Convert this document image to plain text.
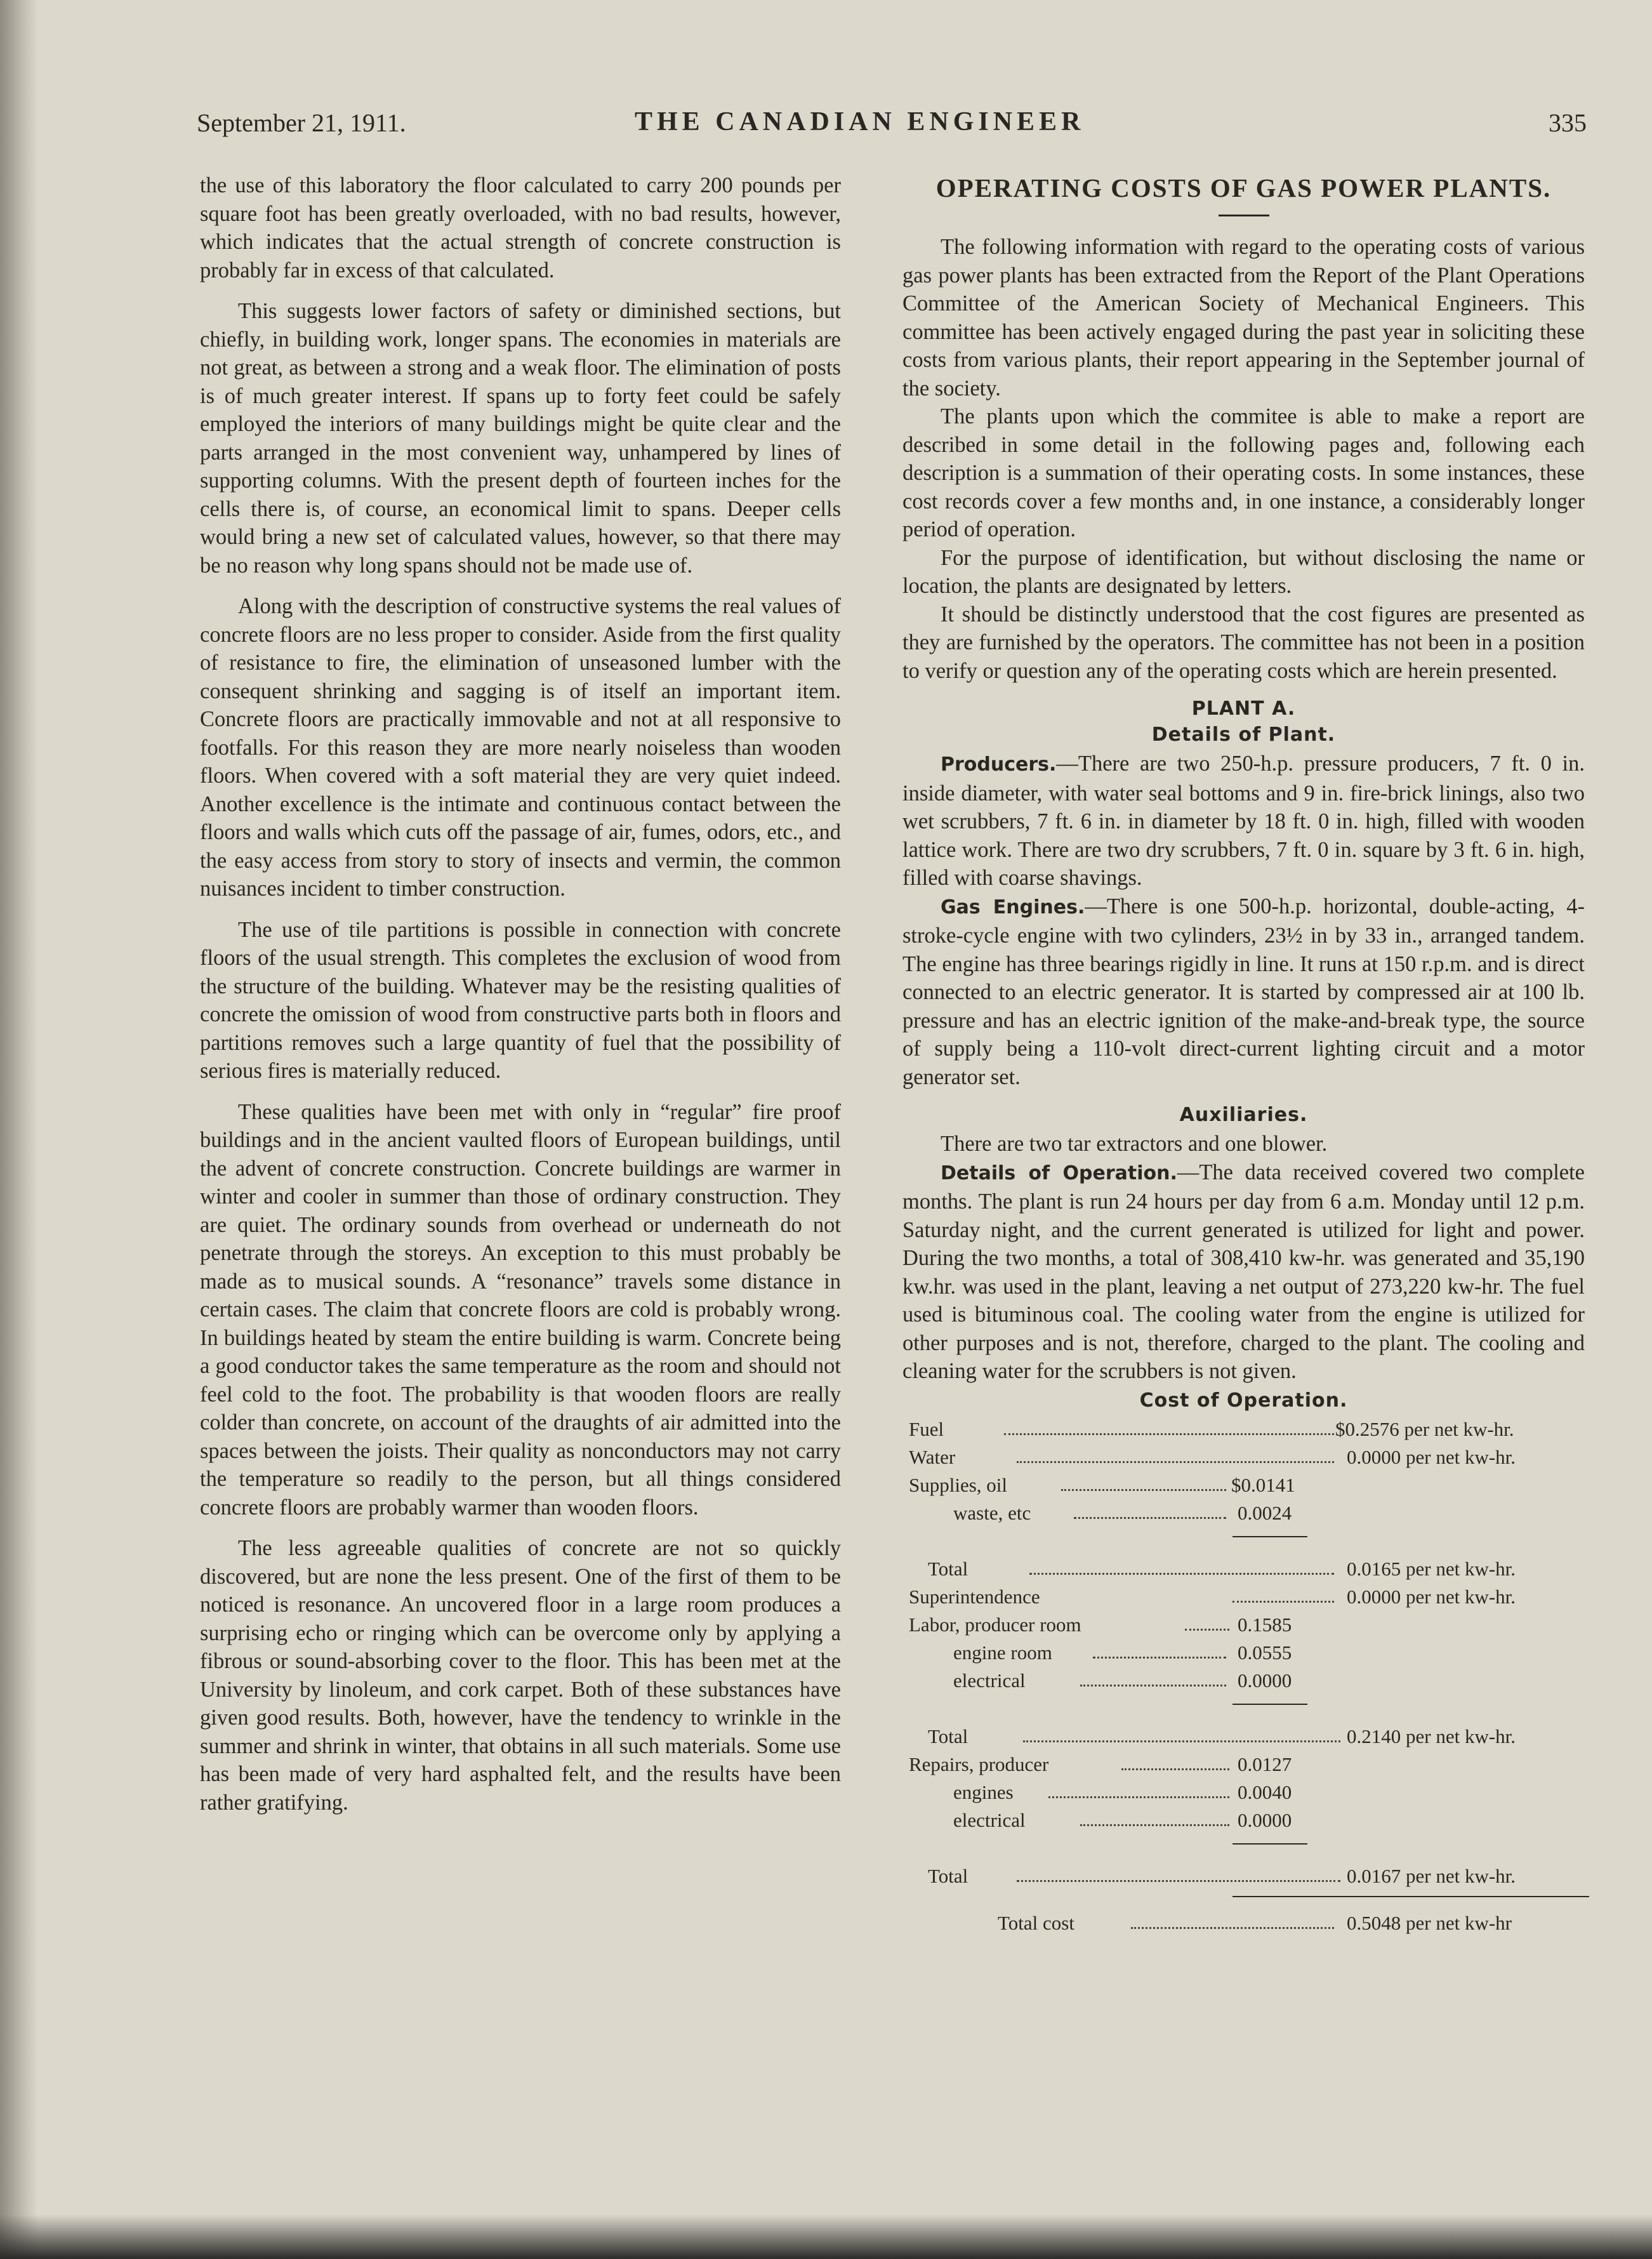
September 21, 1911.	THE CANADIAN ENGINEER	335

the use of this laboratory the floor calculated to carry 200 pounds per square foot has been greatly overloaded, with no bad results, however, which indicates that the actual strength of concrete construction is probably far in excess of that calculated.

This suggests lower factors of safety or diminished sections, but chiefly, in building work, longer spans. The economies in materials are not great, as between a strong and a weak floor. The elimination of posts is of much greater interest. If spans up to forty feet could be safely employed the interiors of many buildings might be quite clear and the parts arranged in the most convenient way, unhampered by lines of supporting columns. With the present depth of fourteen inches for the cells there is, of course, an economical limit to spans. Deeper cells would bring a new set of calculated values, however, so that there may be no reason why long spans should not be made use of.

Along with the description of constructive systems the real values of concrete floors are no less proper to consider. Aside from the first quality of resistance to fire, the elimination of unseasoned lumber with the consequent shrinking and sagging is of itself an important item. Concrete floors are practically immovable and not at all responsive to footfalls. For this reason they are more nearly noiseless than wooden floors. When covered with a soft material they are very quiet indeed. Another excellence is the intimate and continuous contact between the floors and walls which cuts off the passage of air, fumes, odors, etc., and the easy access from story to story of insects and vermin, the common nuisances incident to timber construction.

The use of tile partitions is possible in connection with concrete floors of the usual strength. This completes the exclusion of wood from the structure of the building. Whatever may be the resisting qualities of concrete the omission of wood from constructive parts both in floors and partitions removes such a large quantity of fuel that the possibility of serious fires is materially reduced.

These qualities have been met with only in “regular” fire proof buildings and in the ancient vaulted floors of European buildings, until the advent of concrete construction. Concrete buildings are warmer in winter and cooler in summer than those of ordinary construction. They are quiet. The ordinary sounds from overhead or underneath do not penetrate through the storeys. An exception to this must probably be made as to musical sounds. A “resonance” travels some distance in certain cases. The claim that concrete floors are cold is probably wrong. In buildings heated by steam the entire building is warm. Concrete being a good conductor takes the same temperature as the room and should not feel cold to the foot. The probability is that wooden floors are really colder than concrete, on account of the draughts of air admitted into the spaces between the joists. Their quality as nonconductors may not carry the temperature so readily to the person, but all things considered concrete floors are probably warmer than wooden floors.

The less agreeable qualities of concrete are not so quickly discovered, but are none the less present. One of the first of them to be noticed is resonance. An uncovered floor in a large room produces a surprising echo or ringing which can be overcome only by applying a fibrous or sound-absorbing cover to the floor. This has been met at the University by linoleum, and cork carpet. Both of these substances have given good results. Both, however, have the tendency to wrinkle in the summer and shrink in winter, that obtains in all such materials. Some use has been made of very hard asphalted felt, and the results have been rather gratifying.

OPERATING COSTS OF GAS POWER PLANTS.

The following information with regard to the operating costs of various gas power plants has been extracted from the Report of the Plant Operations Committee of the American Society of Mechanical Engineers. This committee has been actively engaged during the past year in soliciting these costs from various plants, their report appearing in the September journal of the society.

The plants upon which the commitee is able to make a report are described in some detail in the following pages and, following each description is a summation of their operating costs. In some instances, these cost records cover a few months and, in one instance, a considerably longer period of operation.

For the purpose of identification, but without disclosing the name or location, the plants are designated by letters.

It should be distinctly understood that the cost figures are presented as they are furnished by the operators. The committee has not been in a position to verify or question any of the operating costs which are herein presented.

PLANT A.
Details of Plant.

Producers.—There are two 250-h.p. pressure producers, 7 ft. 0 in. inside diameter, with water seal bottoms and 9 in. fire-brick linings, also two wet scrubbers, 7 ft. 6 in. in diameter by 18 ft. 0 in. high, filled with wooden lattice work. There are two dry scrubbers, 7 ft. 0 in. square by 3 ft. 6 in. high, filled with coarse shavings.

Gas Engines.—There is one 500-h.p. horizontal, double-acting, 4-stroke-cycle engine with two cylinders, 23½ in by 33 in., arranged tandem. The engine has three bearings rigidly in line. It runs at 150 r.p.m. and is direct connected to an electric generator. It is started by compressed air at 100 lb. pressure and has an electric ignition of the make-and-break type, the source of supply being a 110-volt direct-current lighting circuit and a motor generator set.

Auxiliaries.

There are two tar extractors and one blower.

Details of Operation.—The data received covered two complete months. The plant is run 24 hours per day from 6 a.m. Monday until 12 p.m. Saturday night, and the current generated is utilized for light and power. During the two months, a total of 308,410 kw-hr. was generated and 35,190 kw.hr. was used in the plant, leaving a net output of 273,220 kw-hr. The fuel used is bituminous coal. The cooling water from the engine is utilized for other purposes and is not, therefore, charged to the plant. The cooling and cleaning water for the scrubbers is not given.

Cost of Operation.
Fuel	$0.2576 per net kw-hr.
Water	0.0000 per net kw-hr.
Supplies, oil	$0.0141
waste, etc	0.0024
Total	0.0165 per net kw-hr.
Superintendence	0.0000 per net kw-hr.
Labor, producer room	0.1585
engine room	0.0555
electrical	0.0000
Total	0.2140 per net kw-hr.
Repairs, producer	0.0127
engines	0.0040
electrical	0.0000
Total	0.0167 per net kw-hr.
Total cost	0.5048 per net kw-hr
